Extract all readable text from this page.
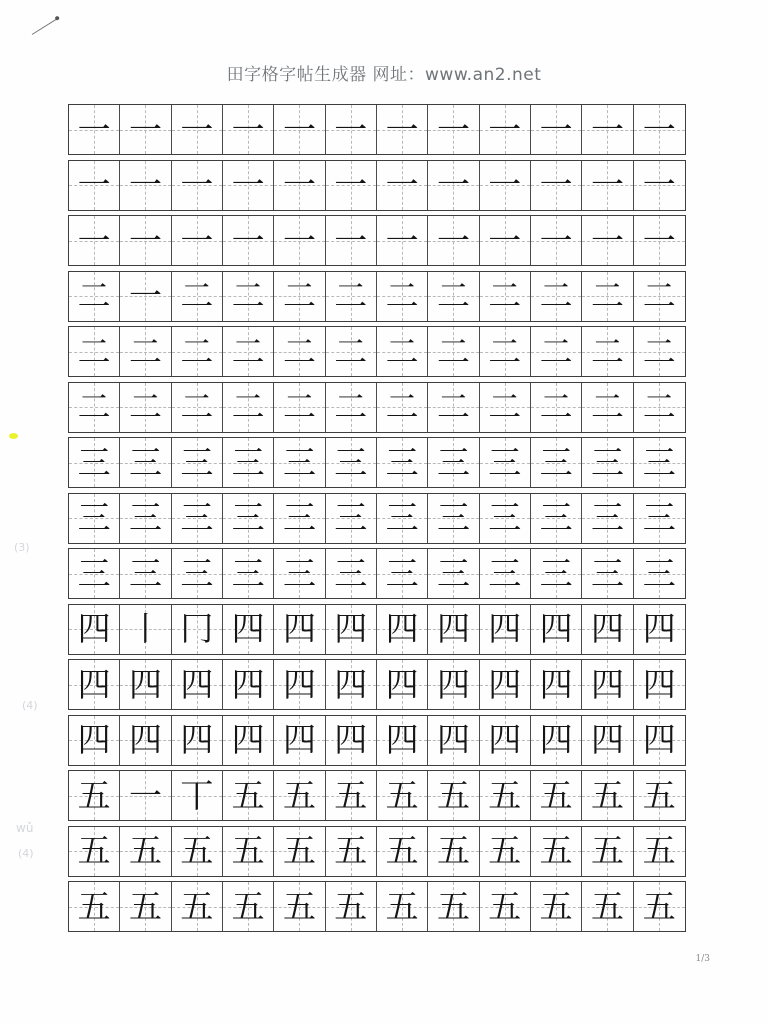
田字格字帖生成器 网址：www.an2.net
(3)
(4)
wǔ
(4)
一 一 一 一 一 一 一 一 一 一 一 一
一 一 一 一 一 一 一 一 一 一 一 一
一 一 一 一 一 一 一 一 一 一 一 一
二 一 二 二 二 二 二 二 二 二 二 二
二 二 二 二 二 二 二 二 二 二 二 二
二 二 二 二 二 二 二 二 二 二 二 二
三 三 三 三 三 三 三 三 三 三 三 三
三 三 三 三 三 三 三 三 三 三 三 三
三 三 三 三 三 三 三 三 三 三 三 三
四 丨 冂 四 四 四 四 四 四 四 四 四
四 四 四 四 四 四 四 四 四 四 四 四
四 四 四 四 四 四 四 四 四 四 四 四
五 一 丅 五 五 五 五 五 五 五 五 五
五 五 五 五 五 五 五 五 五 五 五 五
五 五 五 五 五 五 五 五 五 五 五 五
1/3
